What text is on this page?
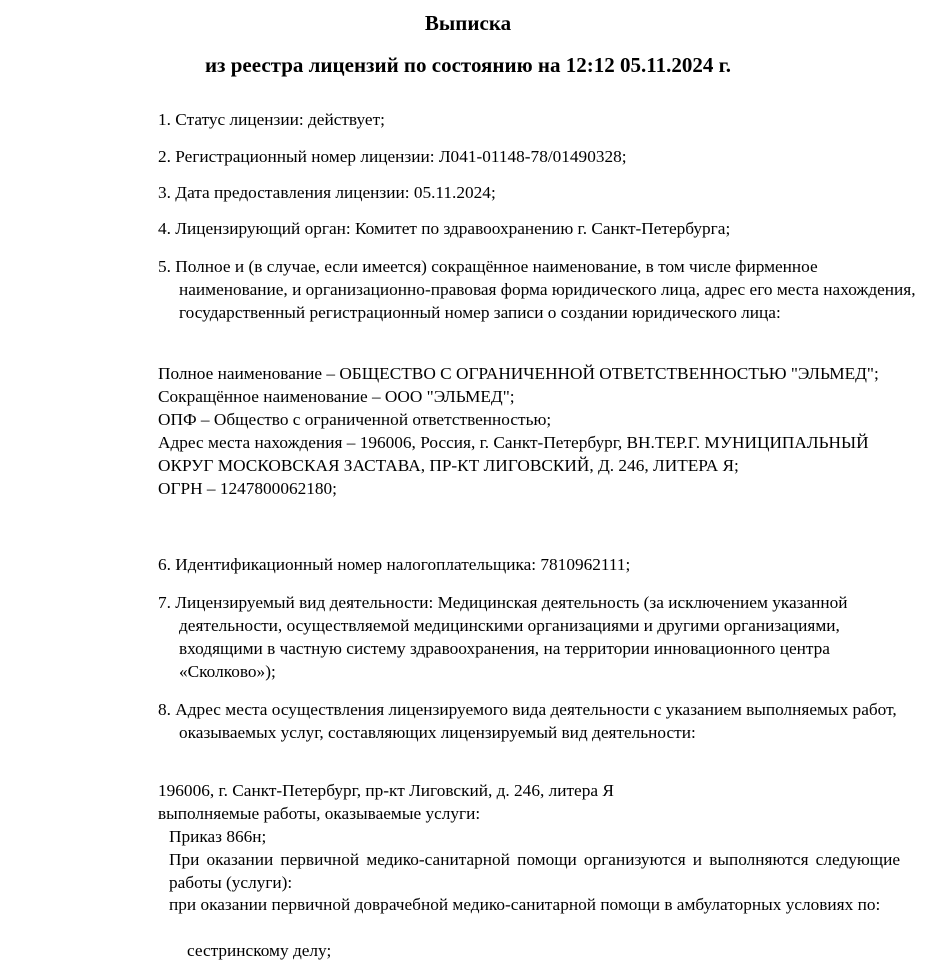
Выписка
из реестра лицензий по состоянию на 12:12 05.11.2024 г.
1. Статус лицензии: действует;
2. Регистрационный номер лицензии: Л041-01148-78/01490328;
3. Дата предоставления лицензии: 05.11.2024;
4. Лицензирующий орган: Комитет по здравоохранению г. Санкт-Петербурга;
5. Полное и (в случае, если имеется) сокращённое наименование, в том числе фирменное наименование, и организационно-правовая форма юридического лица, адрес его места нахождения, государственный регистрационный номер записи о создании юридического лица:
Полное наименование – ОБЩЕСТВО С ОГРАНИЧЕННОЙ ОТВЕТСТВЕННОСТЬЮ "ЭЛЬМЕД";
Сокращённое наименование – ООО "ЭЛЬМЕД";
ОПФ – Общество с ограниченной ответственностью;
Адрес места нахождения – 196006, Россия, г. Санкт-Петербург, ВН.ТЕР.Г. МУНИЦИПАЛЬНЫЙ ОКРУГ МОСКОВСКАЯ ЗАСТАВА, ПР-КТ ЛИГОВСКИЙ, Д. 246, ЛИТЕРА Я;
ОГРН – 1247800062180;
6. Идентификационный номер налогоплательщика: 7810962111;
7. Лицензируемый вид деятельности: Медицинская деятельность (за исключением указанной деятельности, осуществляемой медицинскими организациями и другими организациями, входящими в частную систему здравоохранения, на территории инновационного центра «Сколково»);
8. Адрес места осуществления лицензируемого вида деятельности с указанием выполняемых работ, оказываемых услуг, составляющих лицензируемый вид деятельности:
196006, г. Санкт-Петербург, пр-кт Лиговский, д. 246, литера Я
выполняемые работы, оказываемые услуги:
Приказ 866н;
При оказании первичной медико-санитарной помощи организуются и выполняются следующие работы (услуги):
при оказании первичной доврачебной медико-санитарной помощи в амбулаторных условиях по:
сестринскому делу;
